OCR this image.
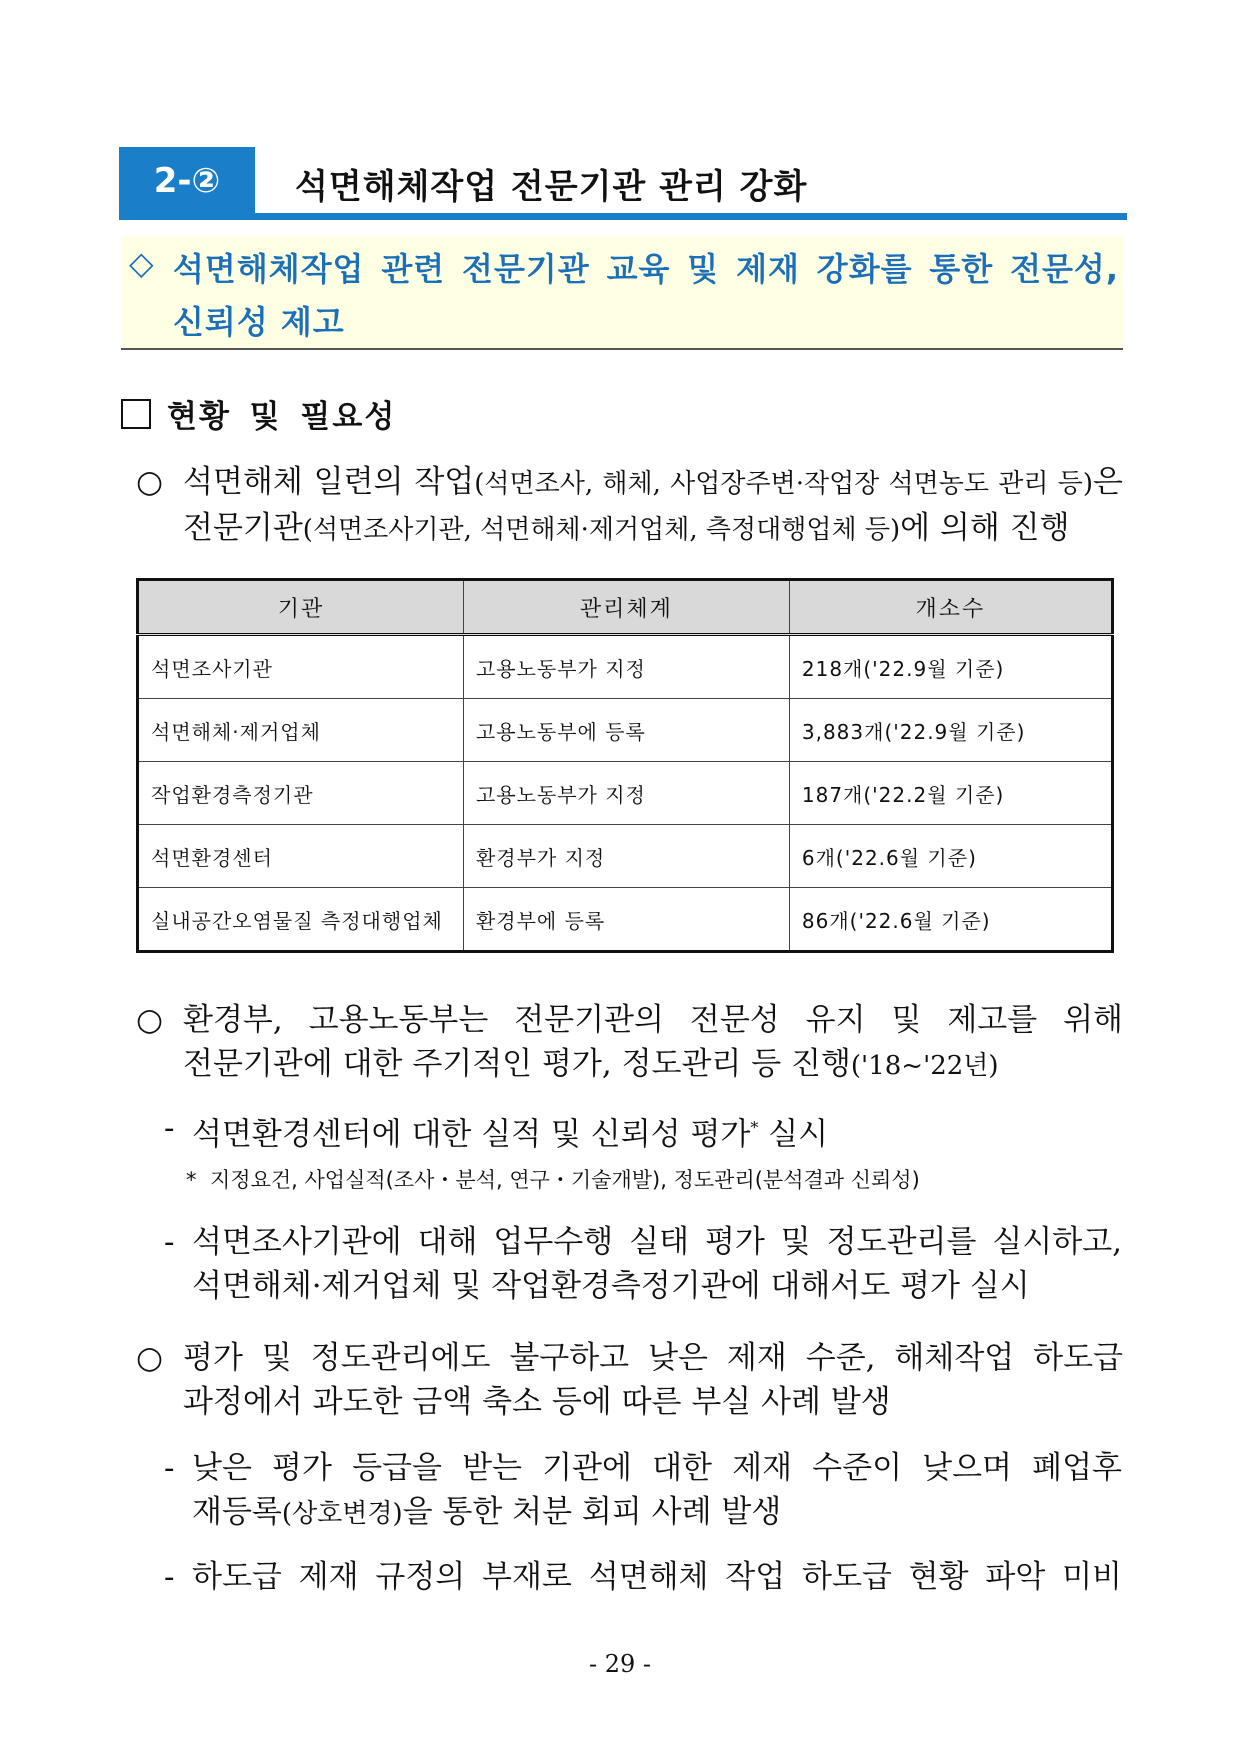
2-②	석면해체작업 전문기관 관리 강화
◇ 석면해체작업 관련 전문기관 교육 및 제재 강화를 통한 전문성,
신뢰성 제고
현황 및 필요성
○ 석면해체 일련의 작업(석면조사, 해체, 사업장주변·작업장 석면농도 관리 등)은
전문기관(석면조사기관, 석면해체·제거업체, 측정대행업체 등)에 의해 진행
기관	관리체계	개소수
석면조사기관	고용노동부가 지정	218개('22.9월 기준)
석면해체·제거업체	고용노동부에 등록	3,883개('22.9월 기준)
작업환경측정기관	고용노동부가 지정	187개('22.2월 기준)
석면환경센터	환경부가 지정	6개('22.6월 기준)
실내공간오염물질 측정대행업체	환경부에 등록	86개('22.6월 기준)
○ 환경부, 고용노동부는 전문기관의 전문성 유지 및 제고를 위해
전문기관에 대한 주기적인 평가, 정도관리 등 진행('18~'22년)
- 석면환경센터에 대한 실적 및 신뢰성 평가* 실시
* 지정요건, 사업실적(조사・분석, 연구・기술개발), 정도관리(분석결과 신뢰성)
- 석면조사기관에 대해 업무수행 실태 평가 및 정도관리를 실시하고,
석면해체·제거업체 및 작업환경측정기관에 대해서도 평가 실시
○ 평가 및 정도관리에도 불구하고 낮은 제재 수준, 해체작업 하도급
과정에서 과도한 금액 축소 등에 따른 부실 사례 발생
- 낮은 평가 등급을 받는 기관에 대한 제재 수준이 낮으며 폐업후
재등록(상호변경)을 통한 처분 회피 사례 발생
- 하도급 제재 규정의 부재로 석면해체 작업 하도급 현황 파악 미비
- 29 -
